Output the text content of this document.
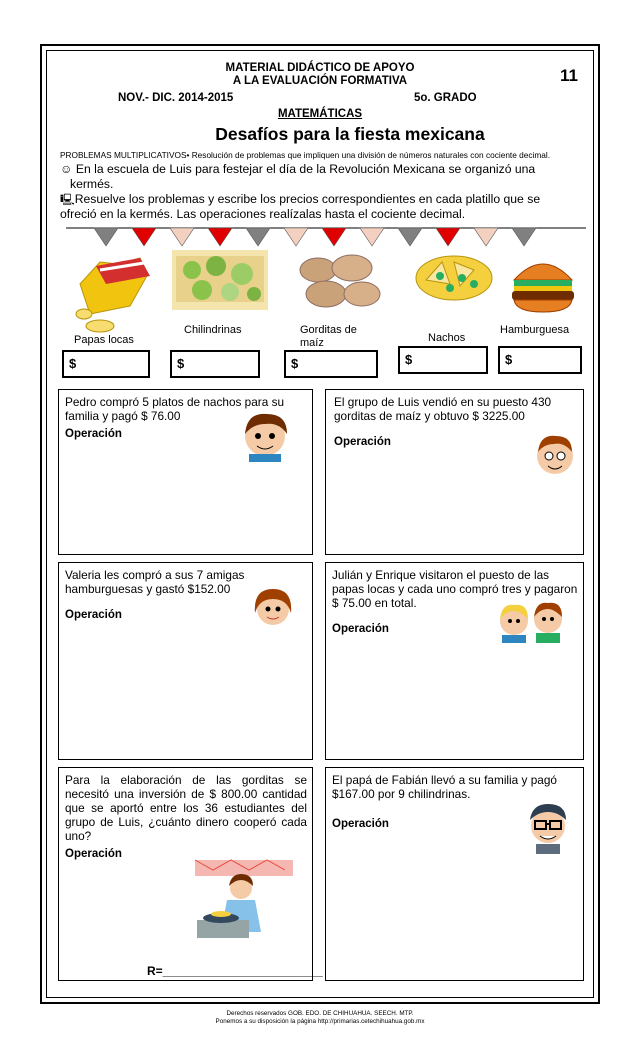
MATERIAL DIDÁCTICO DE APOYO
A LA EVALUACIÓN FORMATIVA	11
NOV.- DIC. 2014-2015	5o. GRADO
MATEMÁTICAS
Desafíos para la fiesta mexicana
PROBLEMAS MULTIPLICATIVOS• Resolución de problemas que impliquen una división de números naturales con cociente decimal.
☺ En la escuela de Luis para festejar el día de la Revolución Mexicana se organizó una
kermés.
🖳Resuelve los problemas y escribe los precios correspondientes en cada platillo que se
ofreció en la kermés. Las operaciones realízalas hasta el cociente decimal.
Papas locas
Chilindrinas	Gorditas de
maíz	Nachos
Hamburguesa
$	$	$	$	$
Pedro compró 5 platos de nachos para su familia y pagó $ 76.00
Operación
El grupo de Luis vendió en su puesto 430 gorditas de maíz y obtuvo $ 3225.00
Operación
Valeria les compró a sus 7 amigas hamburguesas y gastó $152.00
Operación
Julián y Enrique visitaron el puesto de las papas locas y cada uno compró tres y pagaron $ 75.00 en total.
Operación
Para la elaboración de las gorditas se necesitó una inversión de $ 800.00 cantidad que se aportó entre los 36 estudiantes del grupo de Luis, ¿cuánto dinero cooperó cada uno?
Operación
R=________________________
El papá de Fabián llevó a su familia y pagó $167.00 por 9 chilindrinas.
Operación
Derechos reservados GOB. EDO. DE CHIHUAHUA. SEECH. MTP.
Ponemos a su disposición la página http://primarias.cetechihuahua.gob.mx
